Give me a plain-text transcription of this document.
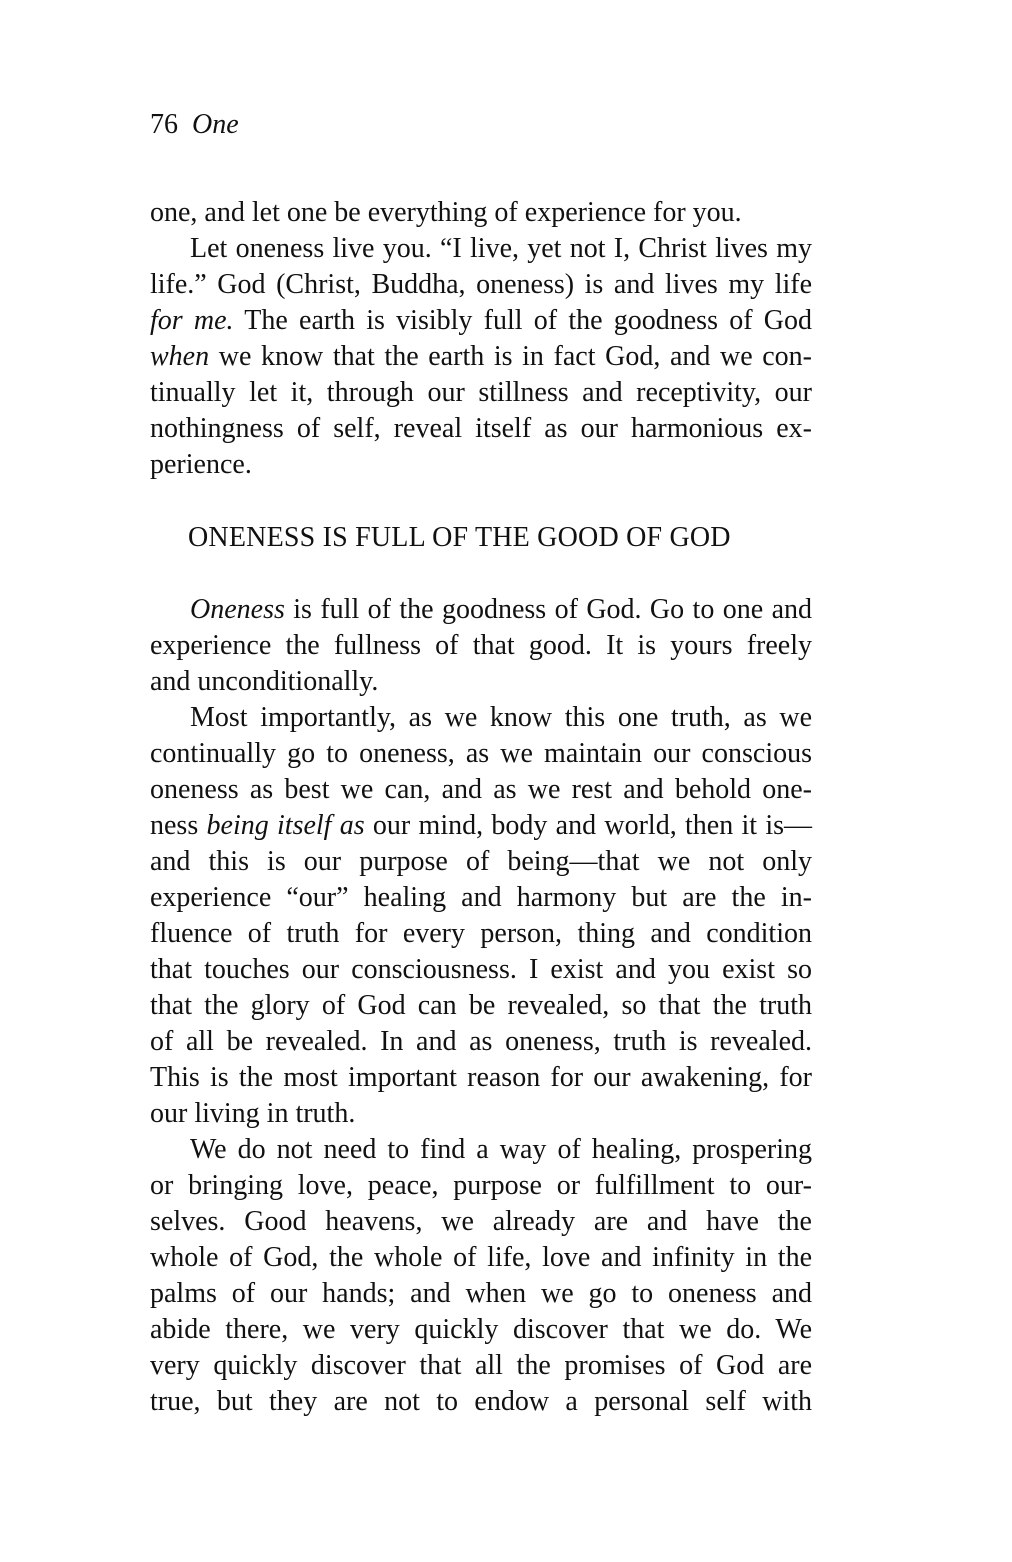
76 One
one, and let one be everything of experience for you.
Let oneness live you. “I live, yet not I, Christ lives my
life.” God (Christ, Buddha, oneness) is and lives my life
for me. The earth is visibly full of the goodness of God
when we know that the earth is in fact God, and we con-
tinually let it, through our stillness and receptivity, our
nothingness of self, reveal itself as our harmonious ex-
perience.
ONENESS IS FULL OF THE GOOD OF GOD
Oneness is full of the goodness of God. Go to one and
experience the fullness of that good. It is yours freely
and unconditionally.
Most importantly, as we know this one truth, as we
continually go to oneness, as we maintain our conscious
oneness as best we can, and as we rest and behold one-
ness being itself as our mind, body and world, then it is—
and this is our purpose of being—that we not only
experience “our” healing and harmony but are the in-
fluence of truth for every person, thing and condition
that touches our consciousness. I exist and you exist so
that the glory of God can be revealed, so that the truth
of all be revealed. In and as oneness, truth is revealed.
This is the most important reason for our awakening, for
our living in truth.
We do not need to find a way of healing, prospering
or bringing love, peace, purpose or fulfillment to our-
selves. Good heavens, we already are and have the
whole of God, the whole of life, love and infinity in the
palms of our hands; and when we go to oneness and
abide there, we very quickly discover that we do. We
very quickly discover that all the promises of God are
true, but they are not to endow a personal self with
